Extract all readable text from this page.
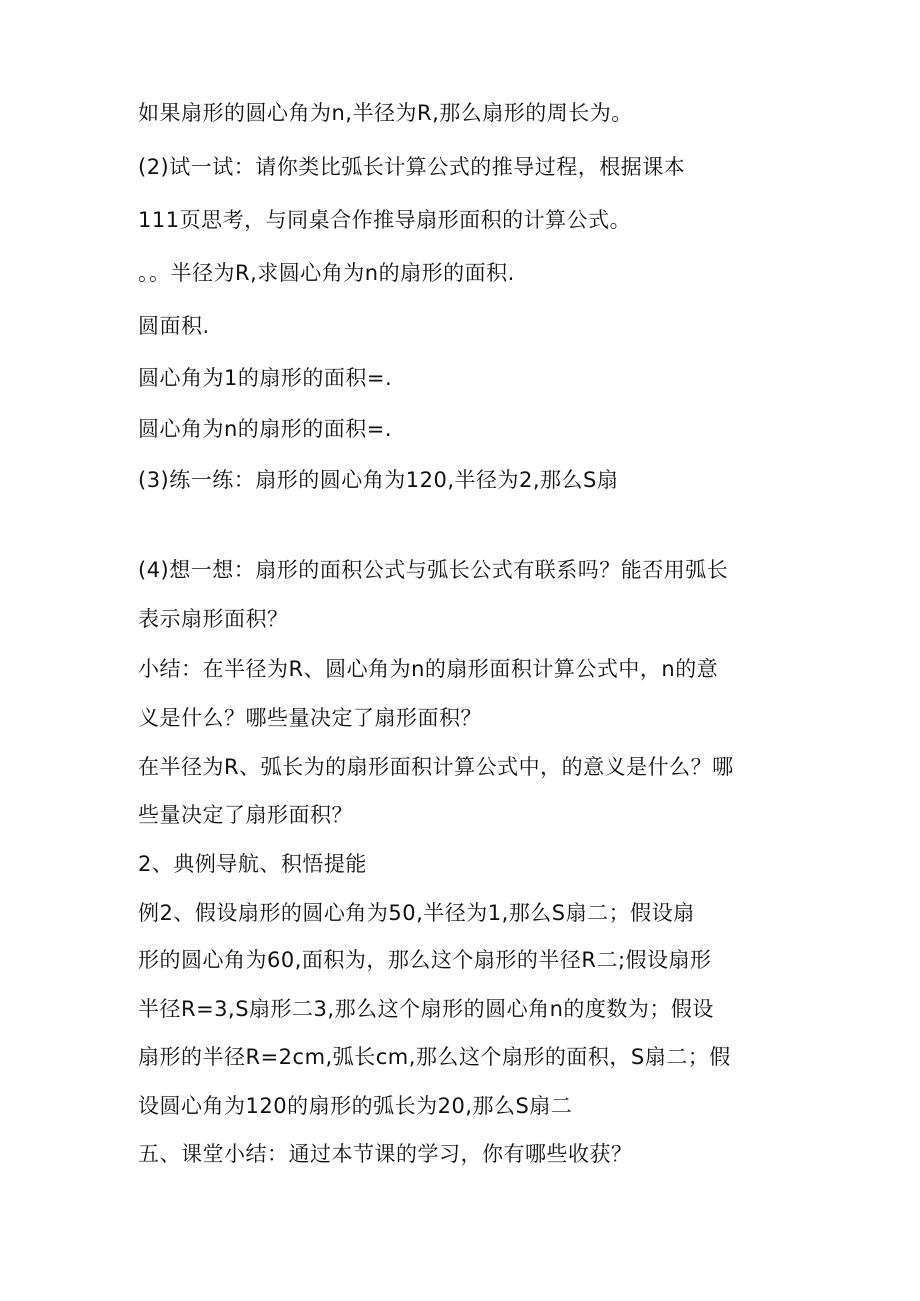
如果扇形的圆心角为n,半径为R,那么扇形的周长为。
(2)试一试：请你类比弧长计算公式的推导过程，根据课本
111页思考，与同桌合作推导扇形面积的计算公式。
。。半径为R,求圆心角为n的扇形的面积.
圆面积.
圆心角为1的扇形的面积=.
圆心角为n的扇形的面积=.
(3)练一练：扇形的圆心角为120,半径为2,那么S扇
(4)想一想：扇形的面积公式与弧长公式有联系吗？能否用弧长
表示扇形面积？
小结：在半径为R、圆心角为n的扇形面积计算公式中，n的意
义是什么？哪些量决定了扇形面积？
在半径为R、弧长为的扇形面积计算公式中，的意义是什么？哪
些量决定了扇形面积？
2、典例导航、积悟提能
例2、假设扇形的圆心角为50,半径为1,那么S扇二；假设扇
形的圆心角为60,面积为，那么这个扇形的半径R二;假设扇形
半径R=3,S扇形二3,那么这个扇形的圆心角n的度数为；假设
扇形的半径R=2cm,弧长cm,那么这个扇形的面积，S扇二；假
设圆心角为120的扇形的弧长为20,那么S扇二
五、课堂小结：通过本节课的学习，你有哪些收获？
